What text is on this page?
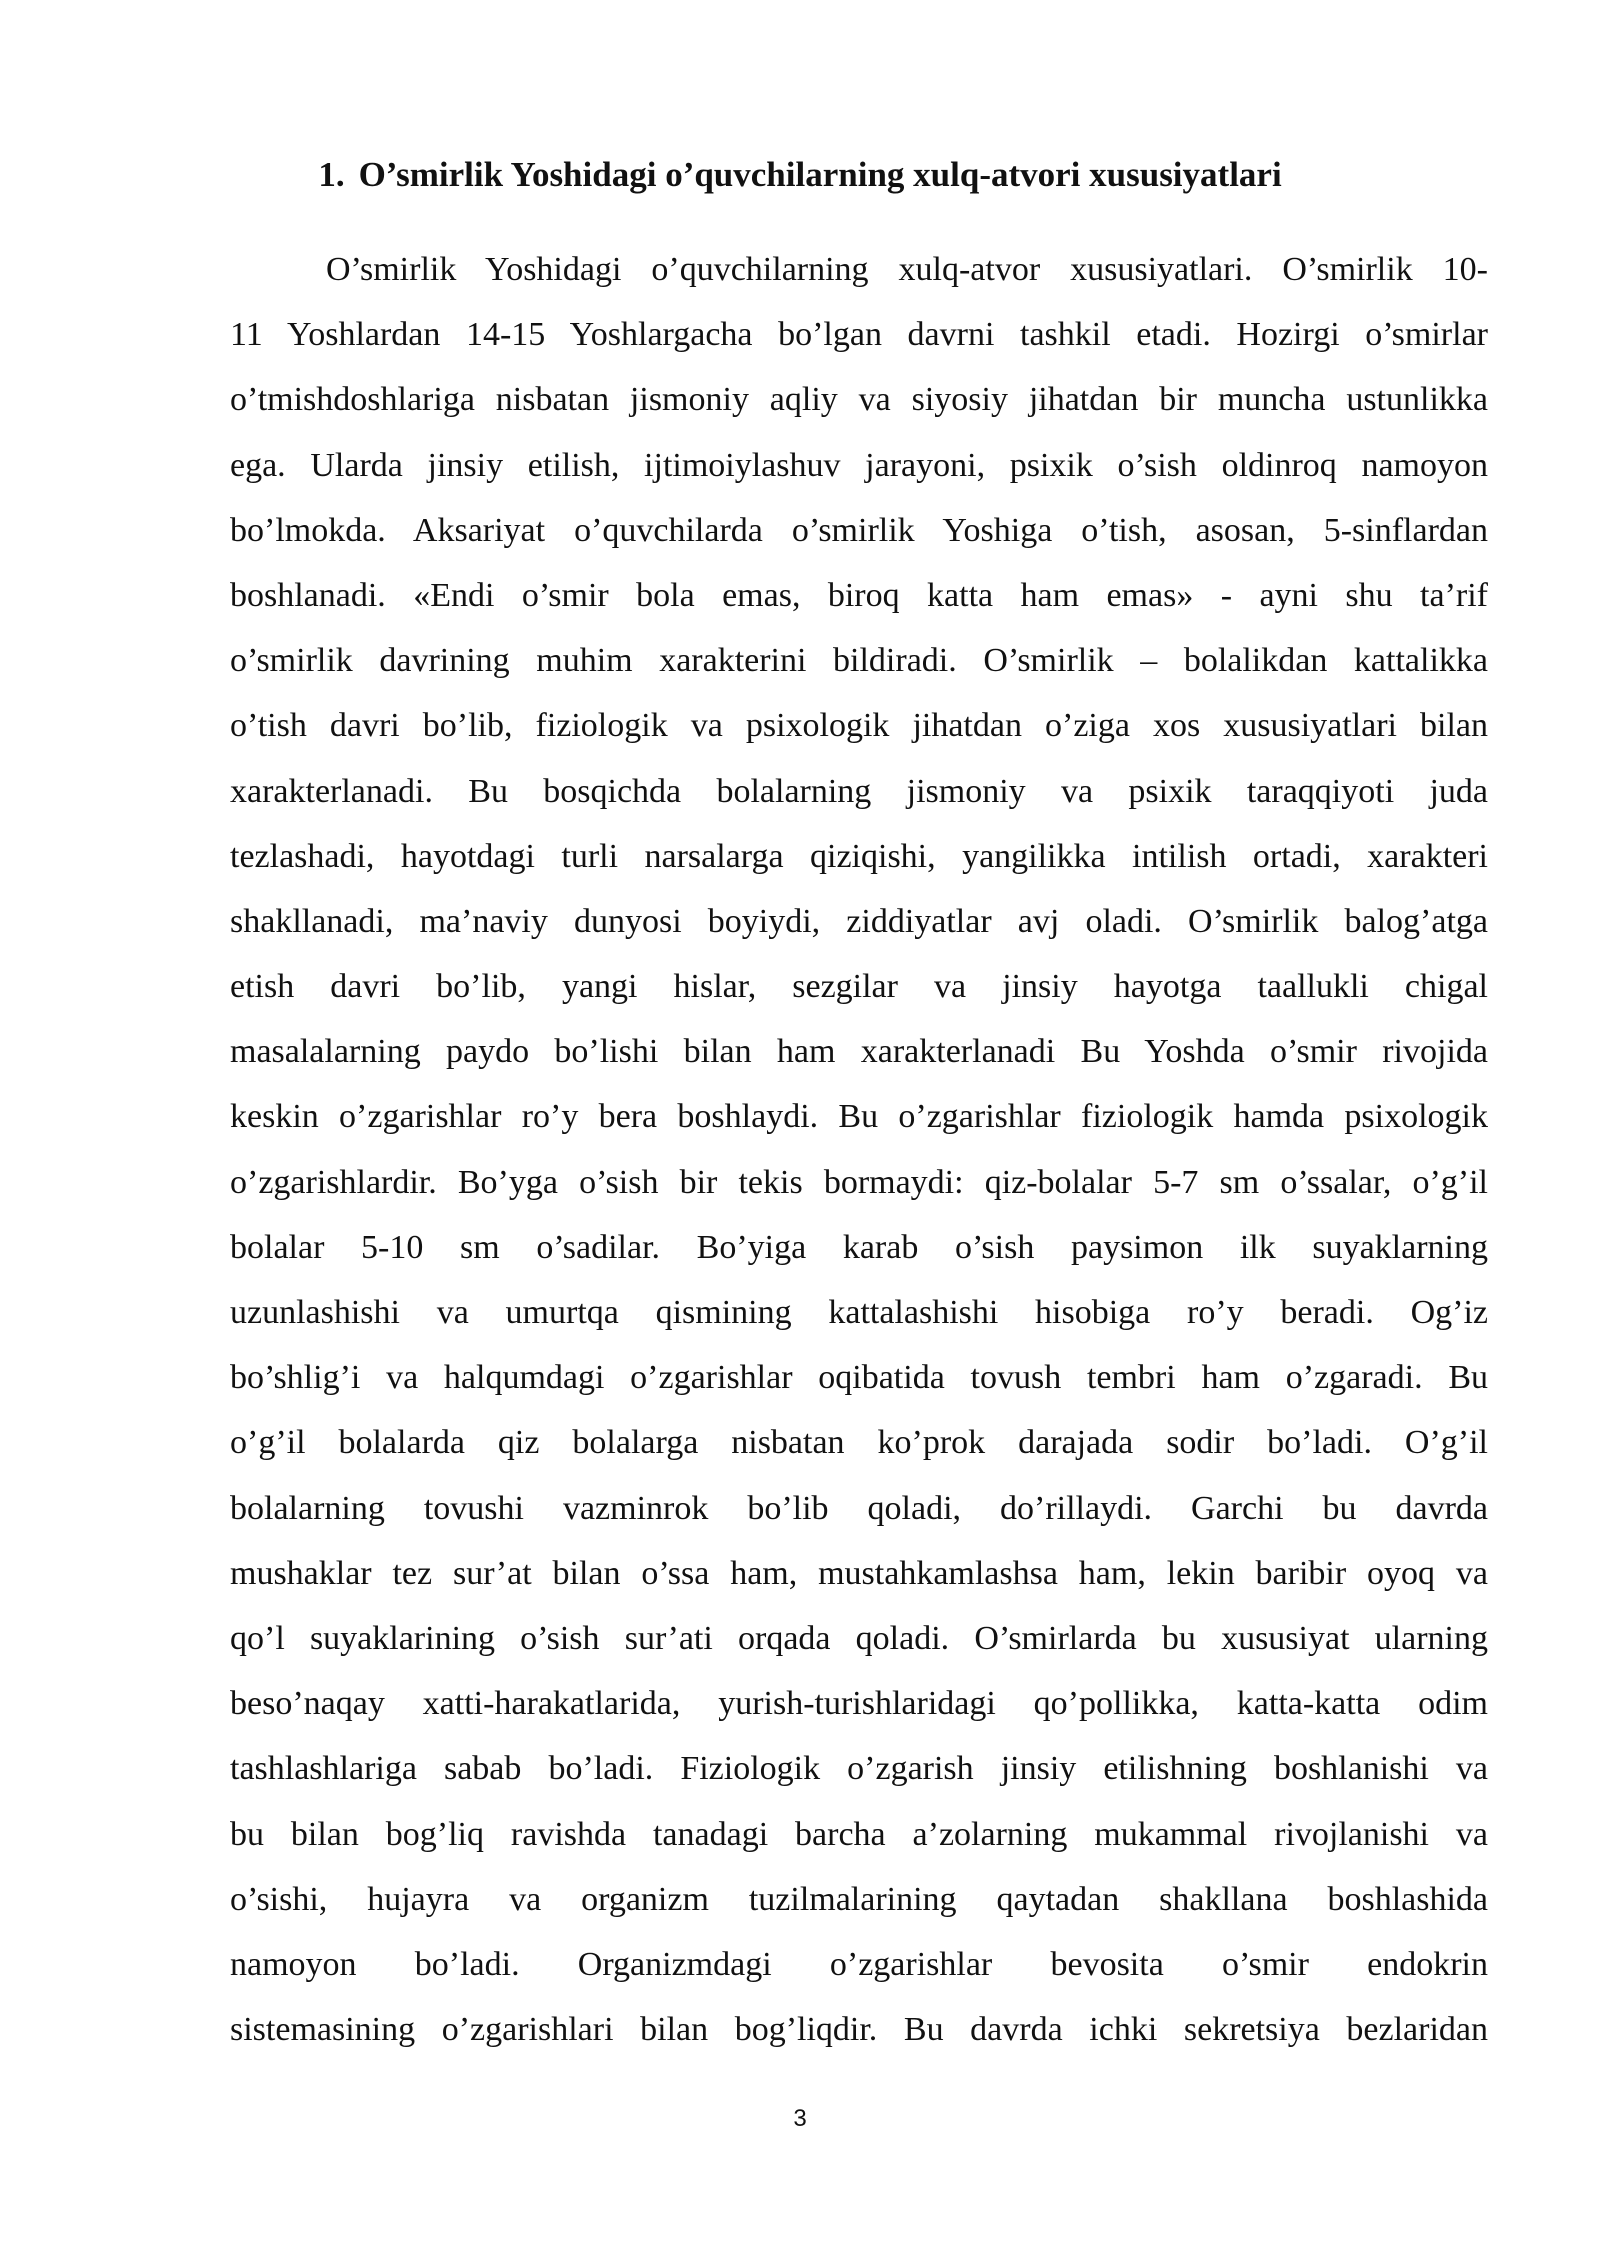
1. O’smirlik Yoshidagi o’quvchilarning xulq-atvori xususiyatlari
O’smirlik Yoshidagi o’quvchilarning xulq-atvor xususiyatlari. O’smirlik 10-
11 Yoshlardan 14-15 Yoshlargacha bo’lgan davrni tashkil etadi. Hozirgi o’smirlar
o’tmishdoshlariga nisbatan jismoniy aqliy va siyosiy jihatdan bir muncha ustunlikka
ega. Ularda jinsiy etilish, ijtimoiylashuv jarayoni, psixik o’sish oldinroq namoyon
bo’lmokda. Aksariyat o’quvchilarda o’smirlik Yoshiga o’tish, asosan, 5-sinflardan
boshlanadi. «Endi o’smir bola emas, biroq katta ham emas» - ayni shu ta’rif
o’smirlik davrining muhim xarakterini bildiradi. O’smirlik – bolalikdan kattalikka
o’tish davri bo’lib, fiziologik va psixologik jihatdan o’ziga xos xususiyatlari bilan
xarakterlanadi. Bu bosqichda bolalarning jismoniy va psixik taraqqiyoti juda
tezlashadi, hayotdagi turli narsalarga qiziqishi, yangilikka intilish ortadi, xarakteri
shakllanadi, ma’naviy dunyosi boyiydi, ziddiyatlar avj oladi. O’smirlik balog’atga
etish davri bo’lib, yangi hislar, sezgilar va jinsiy hayotga taallukli chigal
masalalarning paydo bo’lishi bilan ham xarakterlanadi Bu Yoshda o’smir rivojida
keskin o’zgarishlar ro’y bera boshlaydi. Bu o’zgarishlar fiziologik hamda psixologik
o’zgarishlardir. Bo’yga o’sish bir tekis bormaydi: qiz-bolalar 5-7 sm o’ssalar, o’g’il
bolalar 5-10 sm o’sadilar. Bo’yiga karab o’sish paysimon ilk suyaklarning
uzunlashishi va umurtqa qismining kattalashishi hisobiga ro’y beradi. Og’iz
bo’shlig’i va halqumdagi o’zgarishlar oqibatida tovush tembri ham o’zgaradi. Bu
o’g’il bolalarda qiz bolalarga nisbatan ko’prok darajada sodir bo’ladi. O’g’il
bolalarning tovushi vazminrok bo’lib qoladi, do’rillaydi. Garchi bu davrda
mushaklar tez sur’at bilan o’ssa ham, mustahkamlashsa ham, lekin baribir oyoq va
qo’l suyaklarining o’sish sur’ati orqada qoladi. O’smirlarda bu xususiyat ularning
beso’naqay xatti-harakatlarida, yurish-turishlaridagi qo’pollikka, katta-katta odim
tashlashlariga sabab bo’ladi. Fiziologik o’zgarish jinsiy etilishning boshlanishi va
bu bilan bog’liq ravishda tanadagi barcha a’zolarning mukammal rivojlanishi va
o’sishi, hujayra va organizm tuzilmalarining qaytadan shakllana boshlashida
namoyon bo’ladi. Organizmdagi o’zgarishlar bevosita o’smir endokrin
sistemasining o’zgarishlari bilan bog’liqdir. Bu davrda ichki sekretsiya bezlaridan
3
